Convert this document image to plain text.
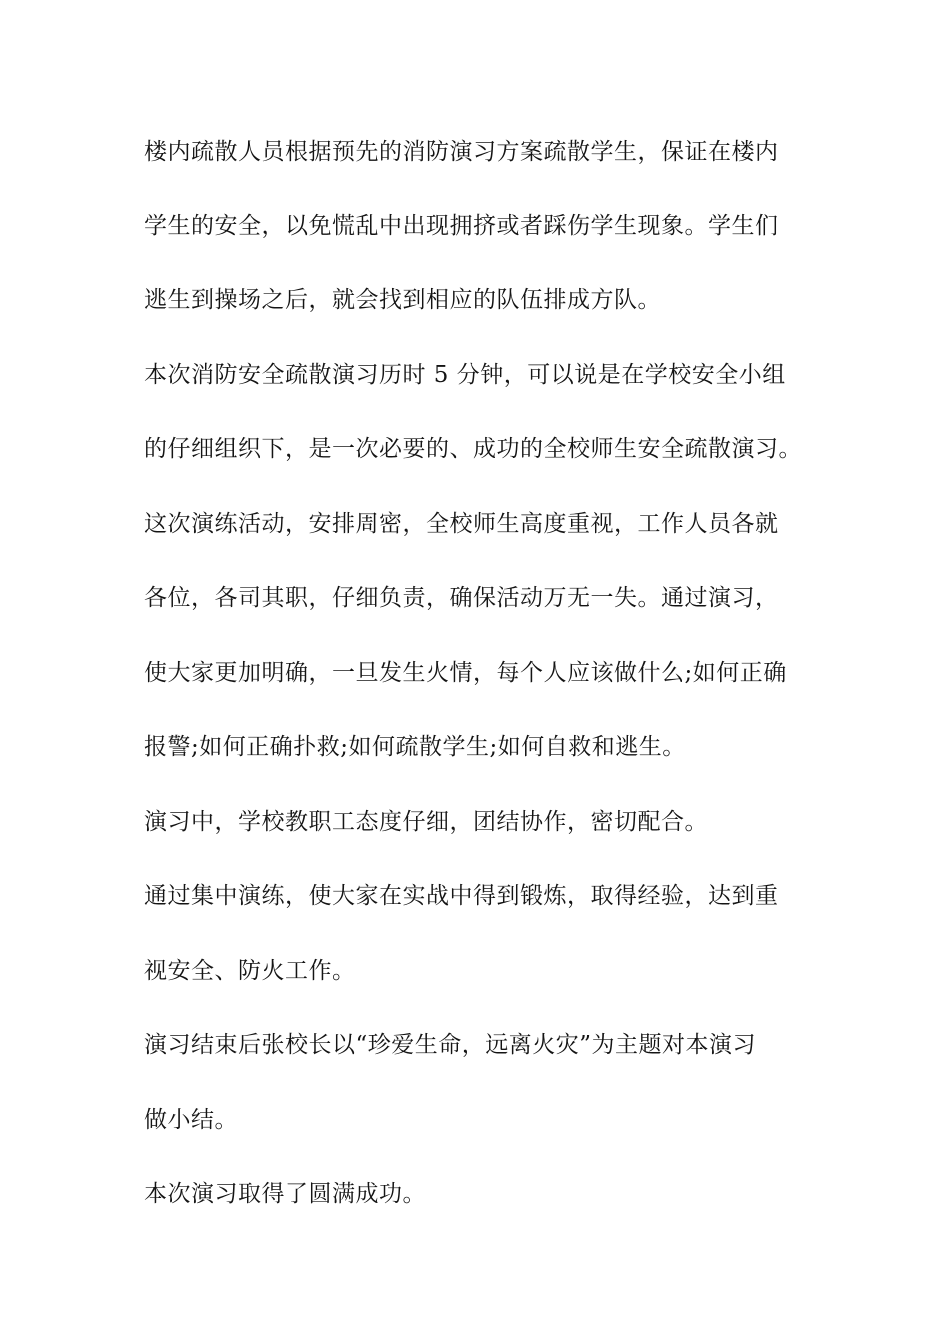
楼内疏散人员根据预先的消防演习方案疏散学生，保证在楼内
学生的安全，以免慌乱中出现拥挤或者踩伤学生现象。学生们
逃生到操场之后，就会找到相应的队伍排成方队。
本次消防安全疏散演习历时 5 分钟，可以说是在学校安全小组
的仔细组织下，是一次必要的、成功的全校师生安全疏散演习。
这次演练活动，安排周密，全校师生高度重视，工作人员各就
各位，各司其职，仔细负责，确保活动万无一失。通过演习，
使大家更加明确，一旦发生火情，每个人应该做什么;如何正确
报警;如何正确扑救;如何疏散学生;如何自救和逃生。
演习中，学校教职工态度仔细，团结协作，密切配合。
通过集中演练，使大家在实战中得到锻炼，取得经验，达到重
视安全、防火工作。
演习结束后张校长以“珍爱生命，远离火灾”为主题对本演习
做小结。
本次演习取得了圆满成功。
